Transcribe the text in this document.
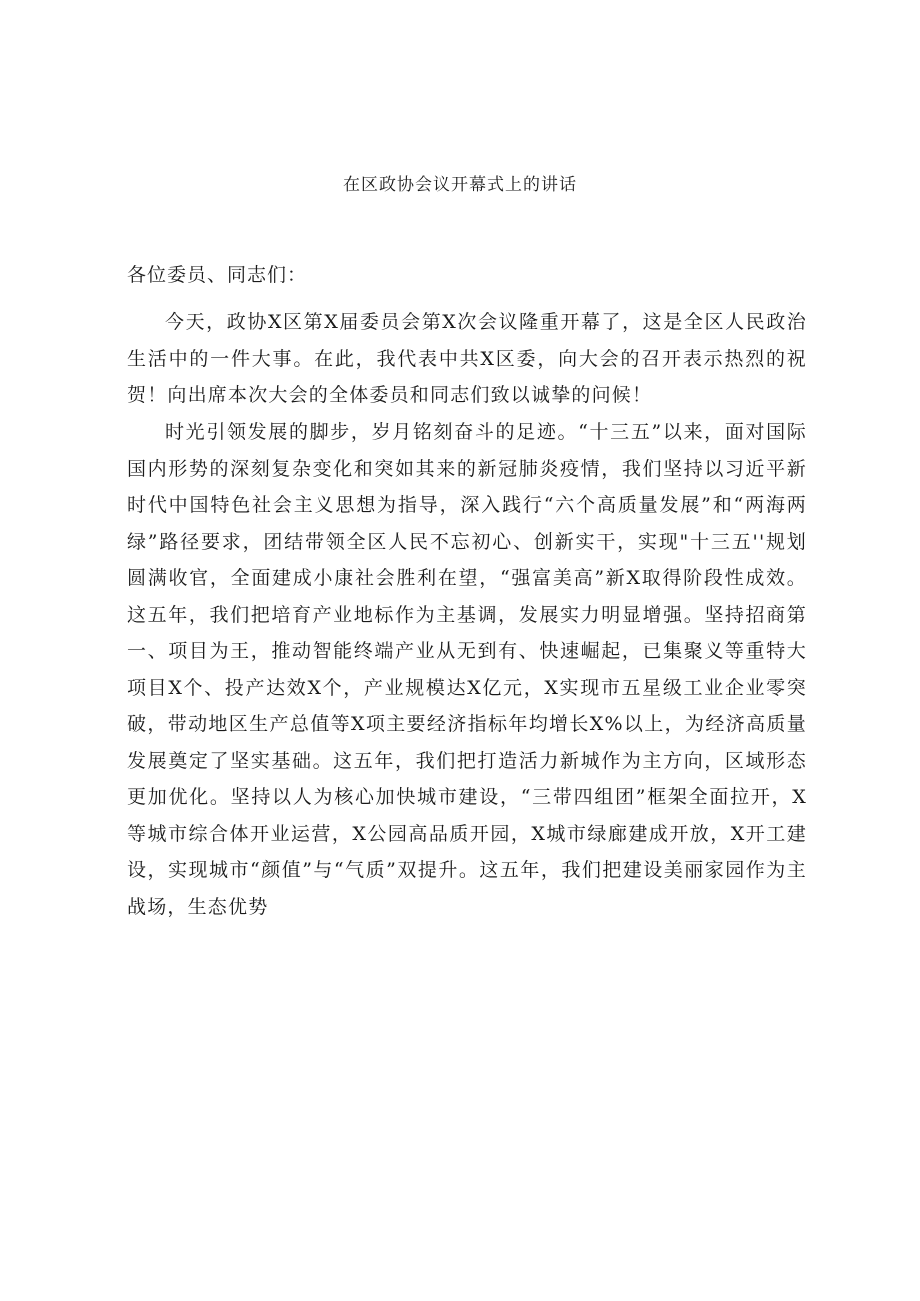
在区政协会议开幕式上的讲话
各位委员、同志们：

今天，政协X区第X届委员会第X次会议隆重开幕了，这是全区人民政治生活中的一件大事。在此，我代表中共X区委，向大会的召开表示热烈的祝贺！向出席本次大会的全体委员和同志们致以诚挚的问候！

时光引领发展的脚步，岁月铭刻奋斗的足迹。“十三五”以来，面对国际国内形势的深刻复杂变化和突如其来的新冠肺炎疫情，我们坚持以习近平新时代中国特色社会主义思想为指导，深入践行“六个高质量发展”和“两海两绿”路径要求，团结带领全区人民不忘初心、创新实干，实现"十三五''规划圆满收官，全面建成小康社会胜利在望，“强富美高”新X取得阶段性成效。这五年，我们把培育产业地标作为主基调，发展实力明显增强。坚持招商第一、项目为王，推动智能终端产业从无到有、快速崛起，已集聚义等重特大项目X个、投产达效X个，产业规模达X亿元，X实现市五星级工业企业零突破，带动地区生产总值等X项主要经济指标年均增长X%以上，为经济高质量发展奠定了坚实基础。这五年，我们把打造活力新城作为主方向，区域形态更加优化。坚持以人为核心加快城市建设，“三带四组团”框架全面拉开，X等城市综合体开业运营，X公园高品质开园，X城市绿廊建成开放，X开工建设，实现城市“颜值”与“气质”双提升。这五年，我们把建设美丽家园作为主战场，生态优势
